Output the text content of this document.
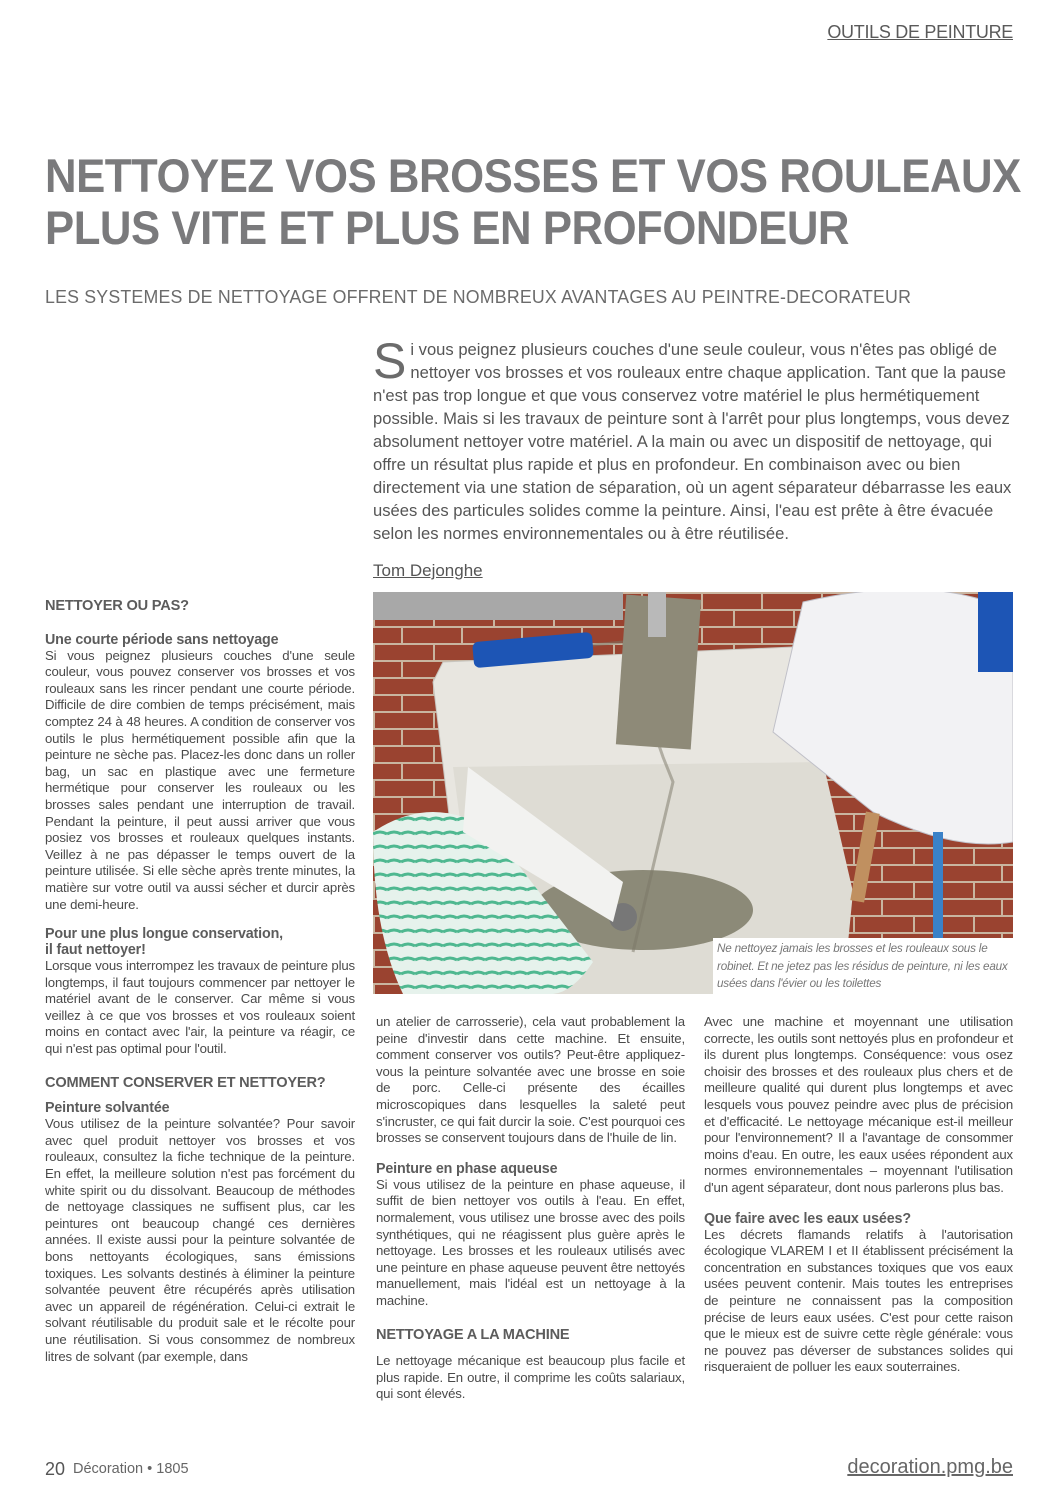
OUTILS DE PEINTURE
NETTOYEZ VOS BROSSES ET VOS ROULEAUX
PLUS VITE ET PLUS EN PROFONDEUR
LES SYSTEMES DE NETTOYAGE OFFRENT DE NOMBREUX AVANTAGES AU PEINTRE-DECORATEUR
Si vous peignez plusieurs couches d'une seule couleur, vous n'êtes pas obligé de nettoyer vos brosses et vos rouleaux entre chaque application. Tant que la pause n'est pas trop longue et que vous conservez votre matériel le plus hermétiquement possible. Mais si les travaux de peinture sont à l'arrêt pour plus longtemps, vous devez absolument nettoyer votre matériel. A la main ou avec un dispositif de nettoyage, qui offre un résultat plus rapide et plus en profondeur. En combinaison avec ou bien directement via une station de séparation, où un agent séparateur débarrasse les eaux usées des particules solides comme la peinture. Ainsi, l'eau est prête à être évacuée selon les normes environnementales ou à être réutilisée.
Tom Dejonghe

NETTOYER OU PAS?

Une courte période sans nettoyage

Si vous peignez plusieurs couches d'une seule couleur, vous pouvez conserver vos brosses et vos rouleaux sans les rincer pendant une courte période. Difficile de dire combien de temps précisément, mais comptez 24 à 48 heures. A condition de conserver vos outils le plus hermétiquement possible afin que la peinture ne sèche pas. Placez-les donc dans un roller bag, un sac en plastique avec une fermeture hermétique pour conserver les rouleaux ou les brosses sales pendant une interruption de travail. Pendant la peinture, il peut aussi arriver que vous posiez vos brosses et rouleaux quelques instants. Veillez à ne pas dépasser le temps ouvert de la peinture utilisée. Si elle sèche après trente minutes, la matière sur votre outil va aussi sécher et durcir après une demi-heure.

Pour une plus longue conservation,
il faut nettoyer!

Lorsque vous interrompez les travaux de peinture plus longtemps, il faut toujours commencer par nettoyer le matériel avant de le conserver. Car même si vous veillez à ce que vos brosses et vos rouleaux soient moins en contact avec l'air, la peinture va réagir, ce qui n'est pas optimal pour l'outil.

COMMENT CONSERVER ET NETTOYER?

Peinture solvantée

Vous utilisez de la peinture solvantée? Pour savoir avec quel produit nettoyer vos brosses et vos rouleaux, consultez la fiche technique de la peinture. En effet, la meilleure solution n'est pas forcément du white spirit ou du dissolvant. Beaucoup de méthodes de nettoyage classiques ne suffisent plus, car les peintures ont beaucoup changé ces dernières années. Il existe aussi pour la peinture solvantée de bons nettoyants écologiques, sans émissions toxiques. Les solvants destinés à éliminer la peinture solvantée peuvent être récupérés après utilisation avec un appareil de régénération. Celui-ci extrait le solvant réutilisable du produit sale et le récolte pour une réutilisation. Si vous consommez de nombreux litres de solvant (par exemple, dans

Ne nettoyez jamais les brosses et les rouleaux sous le robinet. Et ne jetez pas les résidus de peinture, ni les eaux usées dans l'évier ou les toilettes

un atelier de carrosserie), cela vaut probablement la peine d'investir dans cette machine. Et ensuite, comment conserver vos outils? Peut-être appliquez-vous la peinture solvantée avec une brosse en soie de porc. Celle-ci présente des écailles microscopiques dans lesquelles la saleté peut s'incruster, ce qui fait durcir la soie. C'est pourquoi ces brosses se conservent toujours dans de l'huile de lin.

Peinture en phase aqueuse

Si vous utilisez de la peinture en phase aqueuse, il suffit de bien nettoyer vos outils à l'eau. En effet, normalement, vous utilisez une brosse avec des poils synthétiques, qui ne réagissent plus guère après le nettoyage. Les brosses et les rouleaux utilisés avec une peinture en phase aqueuse peuvent être nettoyés manuellement, mais l'idéal est un nettoyage à la machine.

NETTOYAGE A LA MACHINE

Le nettoyage mécanique est beaucoup plus facile et plus rapide. En outre, il comprime les coûts salariaux, qui sont élevés.

Avec une machine et moyennant une utilisation correcte, les outils sont nettoyés plus en profondeur et ils durent plus longtemps. Conséquence: vous osez choisir des brosses et des rouleaux plus chers et de meilleure qualité qui durent plus longtemps et avec lesquels vous pouvez peindre avec plus de précision et d'efficacité. Le nettoyage mécanique est-il meilleur pour l'environnement? Il a l'avantage de consommer moins d'eau. En outre, les eaux usées répondent aux normes environnementales – moyennant l'utilisation d'un agent séparateur, dont nous parlerons plus bas.

Que faire avec les eaux usées?

Les décrets flamands relatifs à l'autorisation écologique VLAREM I et II établissent précisément la concentration en substances toxiques que vos eaux usées peuvent contenir. Mais toutes les entreprises de peinture ne connaissent pas la composition précise de leurs eaux usées. C'est pour cette raison que le mieux est de suivre cette règle générale: vous ne pouvez pas déverser de substances solides qui risqueraient de polluer les eaux souterraines.

20 Décoration • 1805	decoration.pmg.be
